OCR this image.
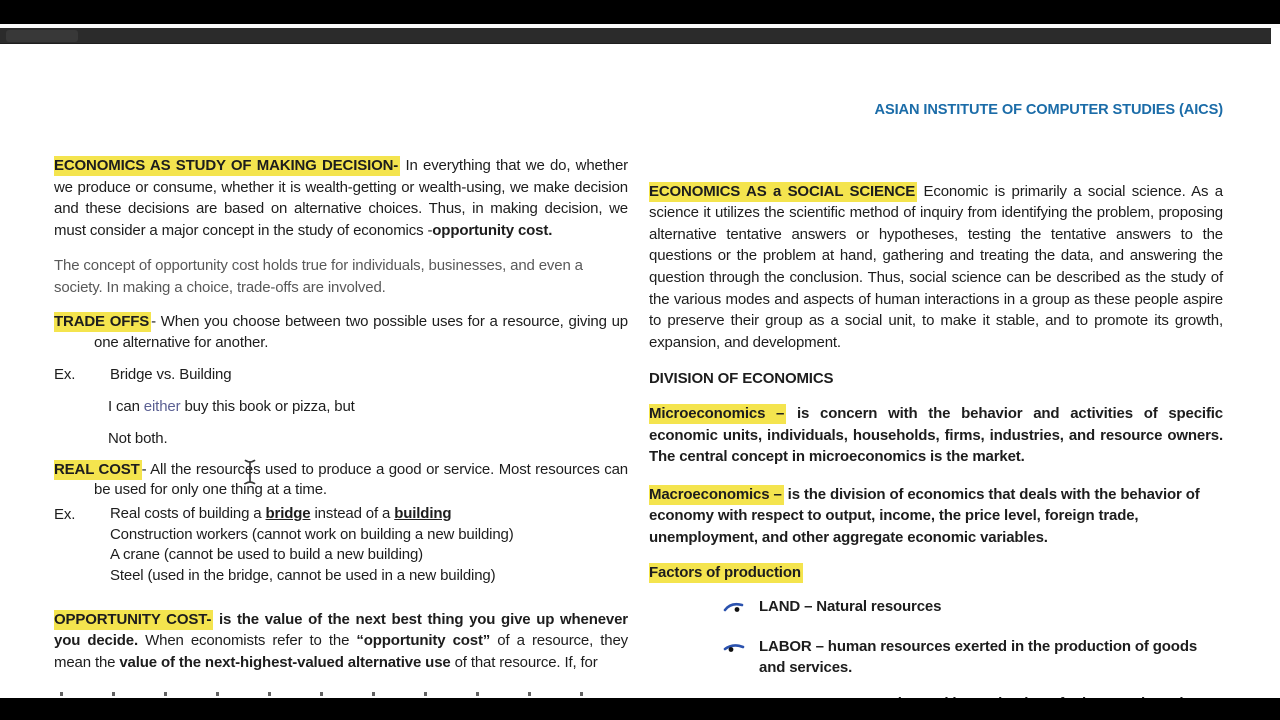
ECONOMICS AS STUDY OF MAKING DECISION- In everything that we do, whether we produce or consume, whether it is wealth-getting or wealth-using, we make decision and these decisions are based on alternative choices. Thus, in making decision, we must consider a major concept in the study of economics -opportunity cost.

The concept of opportunity cost holds true for individuals, businesses, and even a society. In making a choice, trade-offs are involved.

TRADE OFFS - When you choose between two possible uses for a resource, giving up one alternative for another.

Ex.	Bridge vs. Building

I can either buy this book or pizza, but

Not both.

REAL COST - All the resources used to produce a good or service. Most resources can be used for only one thing at a time.

Ex.	Real costs of building a bridge instead of a building

Construction workers (cannot work on building a new building)

A crane (cannot be used to build a new building)

Steel (used in the bridge, cannot be used in a new building)

OPPORTUNITY COST- is the value of the next best thing you give up whenever you decide. When economists refer to the “opportunity cost” of a resource, they mean the value of the next-highest-valued alternative use of that resource. If, for

ASIAN INSTITUTE OF COMPUTER STUDIES (AICS)

ECONOMICS AS a SOCIAL SCIENCE Economic is primarily a social science. As a science it utilizes the scientific method of inquiry from identifying the problem, proposing alternative tentative answers or hypotheses, testing the tentative answers to the questions or the problem at hand, gathering and treating the data, and answering the question through the conclusion. Thus, social science can be described as the study of the various modes and aspects of human interactions in a group as these people aspire to preserve their group as a social unit, to make it stable, and to promote its growth, expansion, and development.

DIVISION OF ECONOMICS

Microeconomics – is concern with the behavior and activities of specific economic units, individuals, households, firms, industries, and resource owners. The central concept in microeconomics is the market.

Macroeconomics – is the division of economics that deals with the behavior of economy with respect to output, income, the price level, foreign trade, unemployment, and other aggregate economic variables.

Factors of production

LAND – Natural resources
LABOR – human resources exerted in the production of goods and services.
